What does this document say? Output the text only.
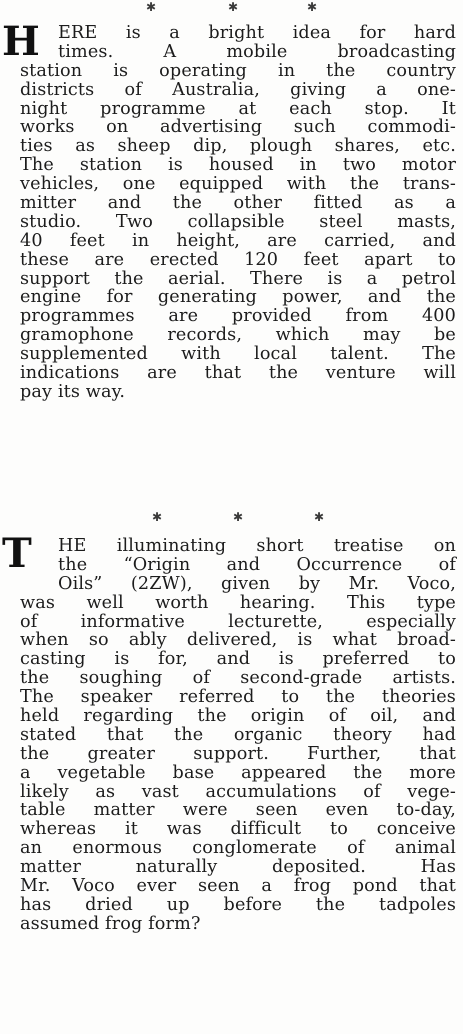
✱	✱	✱
H	ERE is a bright idea for hard
times. A mobile broadcasting
station is operating in the country
districts of Australia, giving a one-
night programme at each stop. It
works on advertising such commodi-
ties as sheep dip, plough shares, etc.
The station is housed in two motor
vehicles, one equipped with the trans-
mitter and the other fitted as a
studio. Two collapsible steel masts,
40 feet in height, are carried, and
these are erected 120 feet apart to
support the aerial. There is a petrol
engine for generating power, and the
programmes are provided from 400
gramophone records, which may be
supplemented with local talent. The
indications are that the venture will
pay its way.
✱	✱	✱
T	HE illuminating short treatise on
the “Origin and Occurrence of
Oils” (2ZW), given by Mr. Voco,
was well worth hearing. This type
of informative lecturette, especially
when so ably delivered, is what broad-
casting is for, and is preferred to
the soughing of second-grade artists.
The speaker referred to the theories
held regarding the origin of oil, and
stated that the organic theory had
the greater support. Further, that
a vegetable base appeared the more
likely as vast accumulations of vege-
table matter were seen even to-day,
whereas it was difficult to conceive
an enormous conglomerate of animal
matter naturally deposited. Has
Mr. Voco ever seen a frog pond that
has dried up before the tadpoles
assumed frog form?
